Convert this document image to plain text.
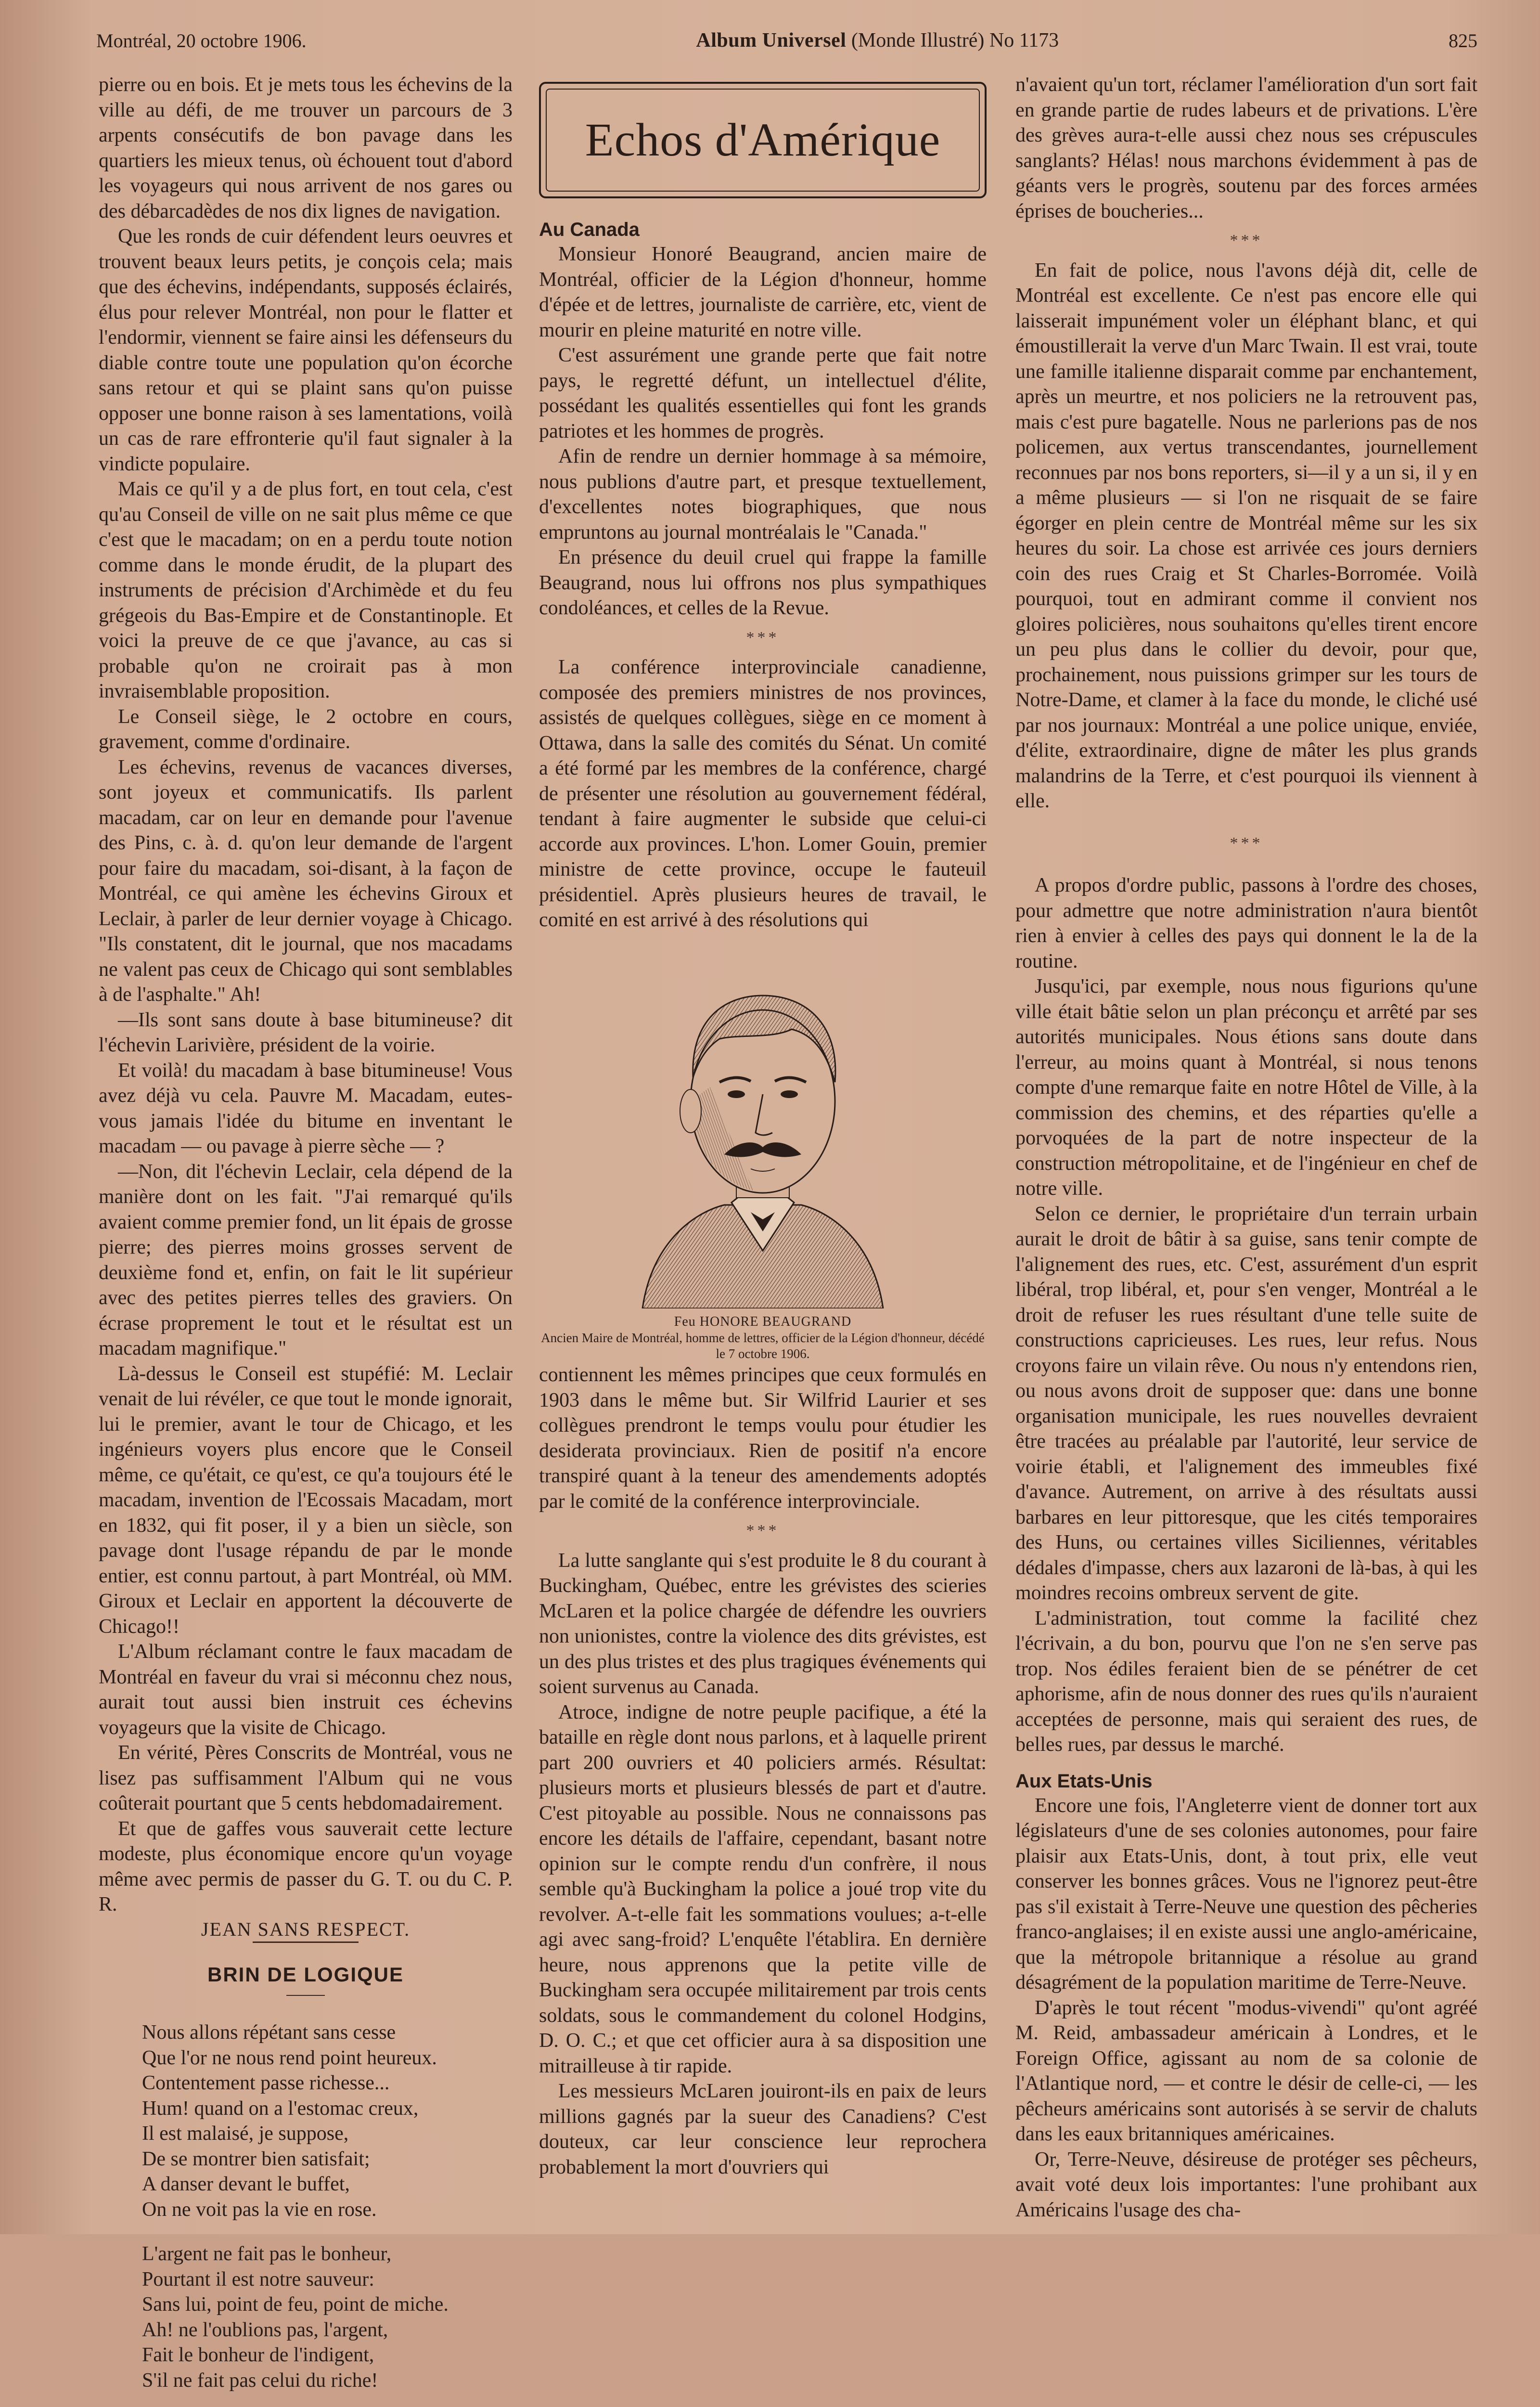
Montréal, 20 octobre 1906.	Album Universel (Monde Illustré) No 1173	825

pierre ou en bois. Et je mets tous les échevins de la ville au défi, de me trouver un parcours de 3 arpents consécutifs de bon pavage dans les quartiers les mieux tenus, où échouent tout d'abord les voyageurs qui nous arrivent de nos gares ou des débarcadèdes de nos dix lignes de navigation.

Que les ronds de cuir défendent leurs oeuvres et trouvent beaux leurs petits, je conçois cela; mais que des échevins, indépendants, supposés éclairés, élus pour relever Montréal, non pour le flatter et l'endormir, viennent se faire ainsi les défenseurs du diable contre toute une population qu'on écorche sans retour et qui se plaint sans qu'on puisse opposer une bonne raison à ses lamentations, voilà un cas de rare effronterie qu'il faut signaler à la vindicte populaire.

Mais ce qu'il y a de plus fort, en tout cela, c'est qu'au Conseil de ville on ne sait plus même ce que c'est que le macadam; on en a perdu toute notion comme dans le monde érudit, de la plupart des instruments de précision d'Archimède et du feu grégeois du Bas-Empire et de Constantinople. Et voici la preuve de ce que j'avance, au cas si probable qu'on ne croirait pas à mon invraisemblable proposition.

Le Conseil siège, le 2 octobre en cours, gravement, comme d'ordinaire.

Les échevins, revenus de vacances diverses, sont joyeux et communicatifs. Ils parlent macadam, car on leur en demande pour l'avenue des Pins, c. à. d. qu'on leur demande de l'argent pour faire du macadam, soi-disant, à la façon de Montréal, ce qui amène les échevins Giroux et Leclair, à parler de leur dernier voyage à Chicago. "Ils constatent, dit le journal, que nos macadams ne valent pas ceux de Chicago qui sont semblables à de l'asphalte." Ah!

—Ils sont sans doute à base bitumineuse? dit l'échevin Larivière, président de la voirie.

Et voilà! du macadam à base bitumineuse! Vous avez déjà vu cela. Pauvre M. Macadam, eutes-vous jamais l'idée du bitume en inventant le macadam — ou pavage à pierre sèche — ?

—Non, dit l'échevin Leclair, cela dépend de la manière dont on les fait. "J'ai remarqué qu'ils avaient comme premier fond, un lit épais de grosse pierre; des pierres moins grosses servent de deuxième fond et, enfin, on fait le lit supérieur avec des petites pierres telles des graviers. On écrase proprement le tout et le résultat est un macadam magnifique."

Là-dessus le Conseil est stupéfié: M. Leclair venait de lui révéler, ce que tout le monde ignorait, lui le premier, avant le tour de Chicago, et les ingénieurs voyers plus encore que le Conseil même, ce qu'était, ce qu'est, ce qu'a toujours été le macadam, invention de l'Ecossais Macadam, mort en 1832, qui fit poser, il y a bien un siècle, son pavage dont l'usage répandu de par le monde entier, est connu partout, à part Montréal, où MM. Giroux et Leclair en apportent la découverte de Chicago!!

L'Album réclamant contre le faux macadam de Montréal en faveur du vrai si méconnu chez nous, aurait tout aussi bien instruit ces échevins voyageurs que la visite de Chicago.

En vérité, Pères Conscrits de Montréal, vous ne lisez pas suffisamment l'Album qui ne vous coûterait pourtant que 5 cents hebdomadairement.

Et que de gaffes vous sauverait cette lecture modeste, plus économique encore qu'un voyage même avec permis de passer du G. T. ou du C. P. R.

JEAN SANS RESPECT.

BRIN DE LOGIQUE

Nous allons répétant sans cesse
Que l'or ne nous rend point heureux.
Contentement passe richesse...
Hum! quand on a l'estomac creux,
Il est malaisé, je suppose,
De se montrer bien satisfait;
A danser devant le buffet,
On ne voit pas la vie en rose.
L'argent ne fait pas le bonheur,
Pourtant il est notre sauveur:
Sans lui, point de feu, point de miche.
Ah! ne l'oublions pas, l'argent,
Fait le bonheur de l'indigent,
S'il ne fait pas celui du riche!
Echos d'Amérique

Au Canada

Monsieur Honoré Beaugrand, ancien maire de Montréal, officier de la Légion d'honneur, homme d'épée et de lettres, journaliste de carrière, etc, vient de mourir en pleine maturité en notre ville.

C'est assurément une grande perte que fait notre pays, le regretté défunt, un intellectuel d'élite, possédant les qualités essentielles qui font les grands patriotes et les hommes de progrès.

Afin de rendre un dernier hommage à sa mémoire, nous publions d'autre part, et presque textuellement, d'excellentes notes biographiques, que nous empruntons au journal montréalais le "Canada."

En présence du deuil cruel qui frappe la famille Beaugrand, nous lui offrons nos plus sympathiques condoléances, et celles de la Revue.

***

La conférence interprovinciale canadienne, composée des premiers ministres de nos provinces, assistés de quelques collègues, siège en ce moment à Ottawa, dans la salle des comités du Sénat. Un comité a été formé par les membres de la conférence, chargé de présenter une résolution au gouvernement fédéral, tendant à faire augmenter le subside que celui-ci accorde aux provinces. L'hon. Lomer Gouin, premier ministre de cette province, occupe le fauteuil présidentiel. Après plusieurs heures de travail, le comité en est arrivé à des résolutions qui

Feu HONORE BEAUGRAND
Ancien Maire de Montréal, homme de lettres, officier de la Légion d'honneur, décédé le 7 octobre 1906.

contiennent les mêmes principes que ceux formulés en 1903 dans le même but. Sir Wilfrid Laurier et ses collègues prendront le temps voulu pour étudier les desiderata provinciaux. Rien de positif n'a encore transpiré quant à la teneur des amendements adoptés par le comité de la conférence interprovinciale.

***

La lutte sanglante qui s'est produite le 8 du courant à Buckingham, Québec, entre les grévistes des scieries McLaren et la police chargée de défendre les ouvriers non unionistes, contre la violence des dits grévistes, est un des plus tristes et des plus tragiques événements qui soient survenus au Canada.

Atroce, indigne de notre peuple pacifique, a été la bataille en règle dont nous parlons, et à laquelle prirent part 200 ouvriers et 40 policiers armés. Résultat: plusieurs morts et plusieurs blessés de part et d'autre. C'est pitoyable au possible. Nous ne connaissons pas encore les détails de l'affaire, cependant, basant notre opinion sur le compte rendu d'un confrère, il nous semble qu'à Buckingham la police a joué trop vite du revolver. A-t-elle fait les sommations voulues; a-t-elle agi avec sang-froid? L'enquête l'établira. En dernière heure, nous apprenons que la petite ville de Buckingham sera occupée militairement par trois cents soldats, sous le commandement du colonel Hodgins, D. O. C.; et que cet officier aura à sa disposition une mitrailleuse à tir rapide.

Les messieurs McLaren jouiront-ils en paix de leurs millions gagnés par la sueur des Canadiens? C'est douteux, car leur conscience leur reprochera probablement la mort d'ouvriers qui

n'avaient qu'un tort, réclamer l'amélioration d'un sort fait en grande partie de rudes labeurs et de privations. L'ère des grèves aura-t-elle aussi chez nous ses crépuscules sanglants? Hélas! nous marchons évidemment à pas de géants vers le progrès, soutenu par des forces armées éprises de boucheries...

***

En fait de police, nous l'avons déjà dit, celle de Montréal est excellente. Ce n'est pas encore elle qui laisserait impunément voler un éléphant blanc, et qui émoustillerait la verve d'un Marc Twain. Il est vrai, toute une famille italienne disparait comme par enchantement, après un meurtre, et nos policiers ne la retrouvent pas, mais c'est pure bagatelle. Nous ne parlerions pas de nos policemen, aux vertus transcendantes, journellement reconnues par nos bons reporters, si—il y a un si, il y en a même plusieurs — si l'on ne risquait de se faire égorger en plein centre de Montréal même sur les six heures du soir. La chose est arrivée ces jours derniers coin des rues Craig et St Charles-Borromée. Voilà pourquoi, tout en admirant comme il convient nos gloires policières, nous souhaitons qu'elles tirent encore un peu plus dans le collier du devoir, pour que, prochainement, nous puissions grimper sur les tours de Notre-Dame, et clamer à la face du monde, le cliché usé par nos journaux: Montréal a une police unique, enviée, d'élite, extraordinaire, digne de mâter les plus grands malandrins de la Terre, et c'est pourquoi ils viennent à elle.

***

A propos d'ordre public, passons à l'ordre des choses, pour admettre que notre administration n'aura bientôt rien à envier à celles des pays qui donnent le la de la routine.

Jusqu'ici, par exemple, nous nous figurions qu'une ville était bâtie selon un plan préconçu et arrêté par ses autorités municipales. Nous étions sans doute dans l'erreur, au moins quant à Montréal, si nous tenons compte d'une remarque faite en notre Hôtel de Ville, à la commission des chemins, et des réparties qu'elle a porvoquées de la part de notre inspecteur de la construction métropolitaine, et de l'ingénieur en chef de notre ville.

Selon ce dernier, le propriétaire d'un terrain urbain aurait le droit de bâtir à sa guise, sans tenir compte de l'alignement des rues, etc. C'est, assurément d'un esprit libéral, trop libéral, et, pour s'en venger, Montréal a le droit de refuser les rues résultant d'une telle suite de constructions capricieuses. Les rues, leur refus. Nous croyons faire un vilain rêve. Ou nous n'y entendons rien, ou nous avons droit de supposer que: dans une bonne organisation municipale, les rues nouvelles devraient être tracées au préalable par l'autorité, leur service de voirie établi, et l'alignement des immeubles fixé d'avance. Autrement, on arrive à des résultats aussi barbares en leur pittoresque, que les cités temporaires des Huns, ou certaines villes Siciliennes, véritables dédales d'impasse, chers aux lazaroni de là-bas, à qui les moindres recoins ombreux servent de gite.

L'administration, tout comme la facilité chez l'écrivain, a du bon, pourvu que l'on ne s'en serve pas trop. Nos édiles feraient bien de se pénétrer de cet aphorisme, afin de nous donner des rues qu'ils n'auraient acceptées de personne, mais qui seraient des rues, de belles rues, par dessus le marché.

Aux Etats-Unis

Encore une fois, l'Angleterre vient de donner tort aux législateurs d'une de ses colonies autonomes, pour faire plaisir aux Etats-Unis, dont, à tout prix, elle veut conserver les bonnes grâces. Vous ne l'ignorez peut-être pas s'il existait à Terre-Neuve une question des pêcheries franco-anglaises; il en existe aussi une anglo-américaine, que la métropole britannique a résolue au grand désagrément de la population maritime de Terre-Neuve.

D'après le tout récent "modus-vivendi" qu'ont agréé M. Reid, ambassadeur américain à Londres, et le Foreign Office, agissant au nom de sa colonie de l'Atlantique nord, — et contre le désir de celle-ci, — les pêcheurs américains sont autorisés à se servir de chaluts dans les eaux britanniques américaines.

Or, Terre-Neuve, désireuse de protéger ses pêcheurs, avait voté deux lois importantes: l'une prohibant aux Américains l'usage des cha-
